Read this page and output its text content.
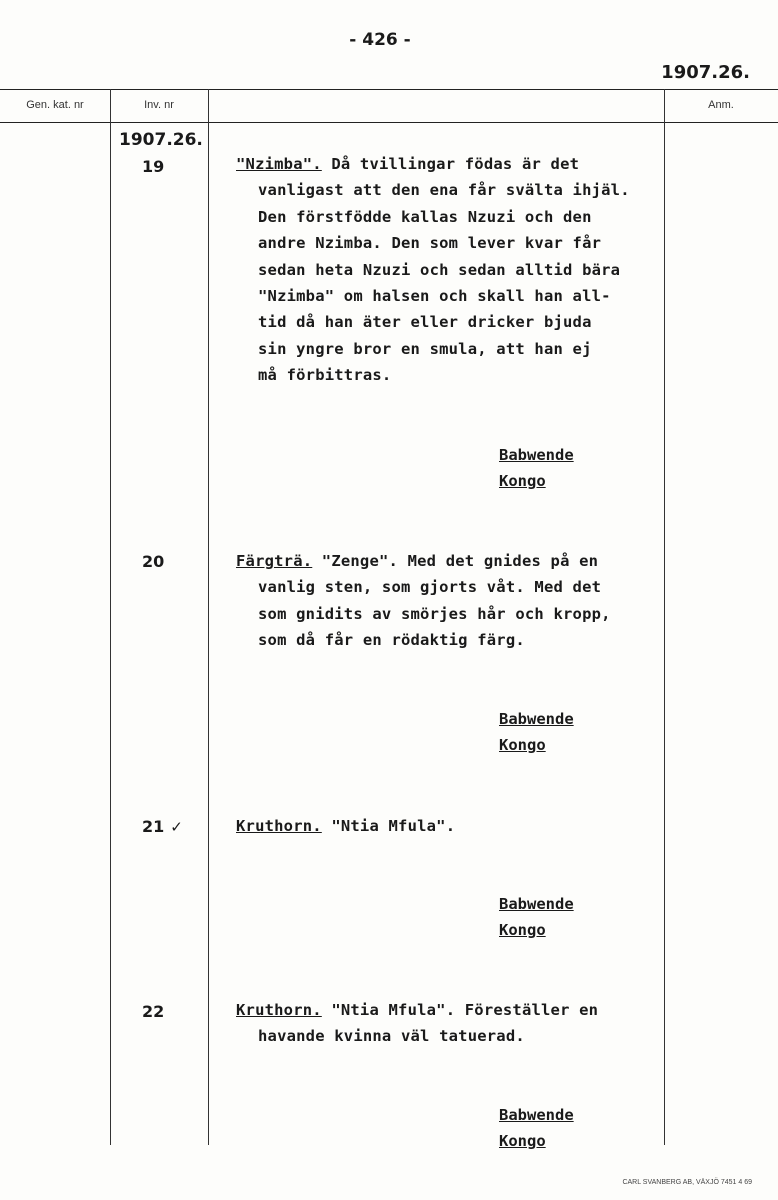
- 426 -
1907.26.
Gen. kat. nr	Inv. nr	Anm.
1907.26.
19	"Nzimba". Då tvillingar födas är det

vanligast att den ena får svälta ihjäl.

Den förstfödde kallas Nzuzi och den

andre Nzimba. Den som lever kvar får

sedan heta Nzuzi och sedan alltid bära

"Nzimba" om halsen och skall han all-

tid då han äter eller dricker bjuda

sin yngre bror en smula, att han ej

må förbittras.

Babwende
Kongo
20	Färgträ. "Zenge". Med det gnides på en

vanlig sten, som gjorts våt. Med det

som gnidits av smörjes hår och kropp,

som då får en rödaktig färg.

Babwende
Kongo
21 ✓	Kruthorn. "Ntia Mfula".

Babwende
Kongo
22	Kruthorn. "Ntia Mfula". Föreställer en

havande kvinna väl tatuerad.

Babwende
Kongo
CARL SVANBERG AB, VÄXJÖ 7451 4 69
